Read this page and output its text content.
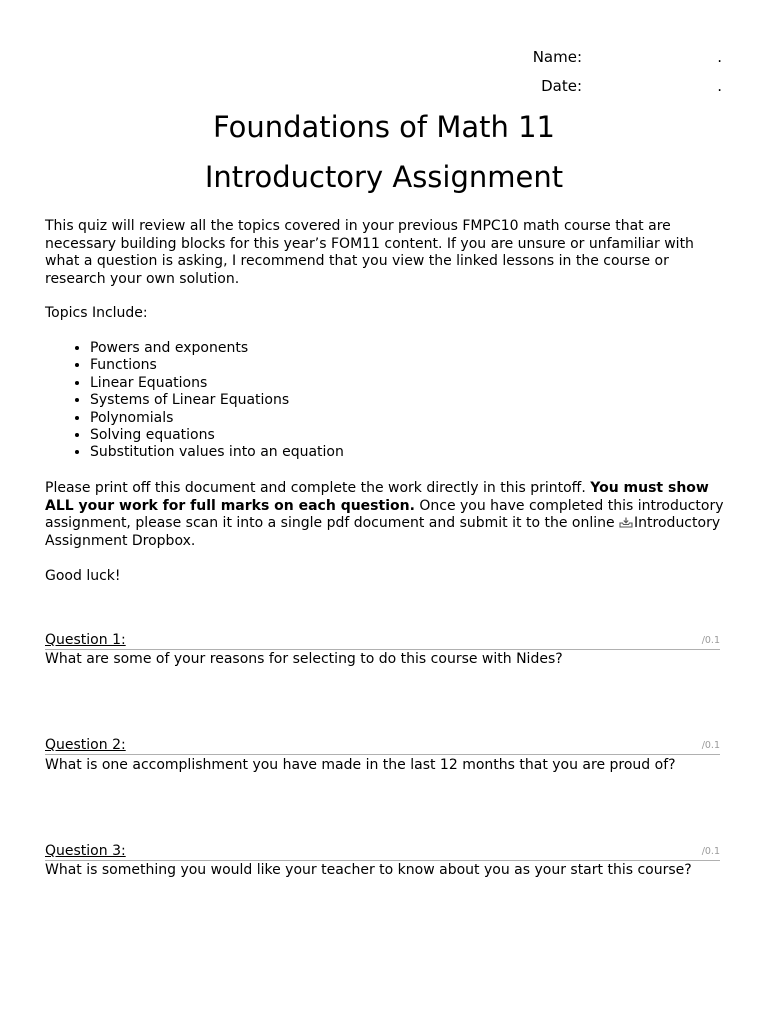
Name:	.
Date:	.
Foundations of Math 11
Introductory Assignment

This quiz will review all the topics covered in your previous FMPC10 math course that are necessary building blocks for this year’s FOM11 content. If you are unsure or unfamiliar with what a question is asking, I recommend that you view the linked lessons in the course or research your own solution.

Topics Include:

• Powers and exponents
• Functions
• Linear Equations
• Systems of Linear Equations
• Polynomials
• Solving equations
• Substitution values into an equation

Please print off this document and complete the work directly in this printoff. You must show ALL your work for full marks on each question. Once you have completed this introductory assignment, please scan it into a single pdf document and submit it to the online Introductory Assignment Dropbox.

Good luck!

Question 1:	/0.1

What are some of your reasons for selecting to do this course with Nides?

Question 2:	/0.1

What is one accomplishment you have made in the last 12 months that you are proud of?

Question 3:	/0.1

What is something you would like your teacher to know about you as your start this course?
